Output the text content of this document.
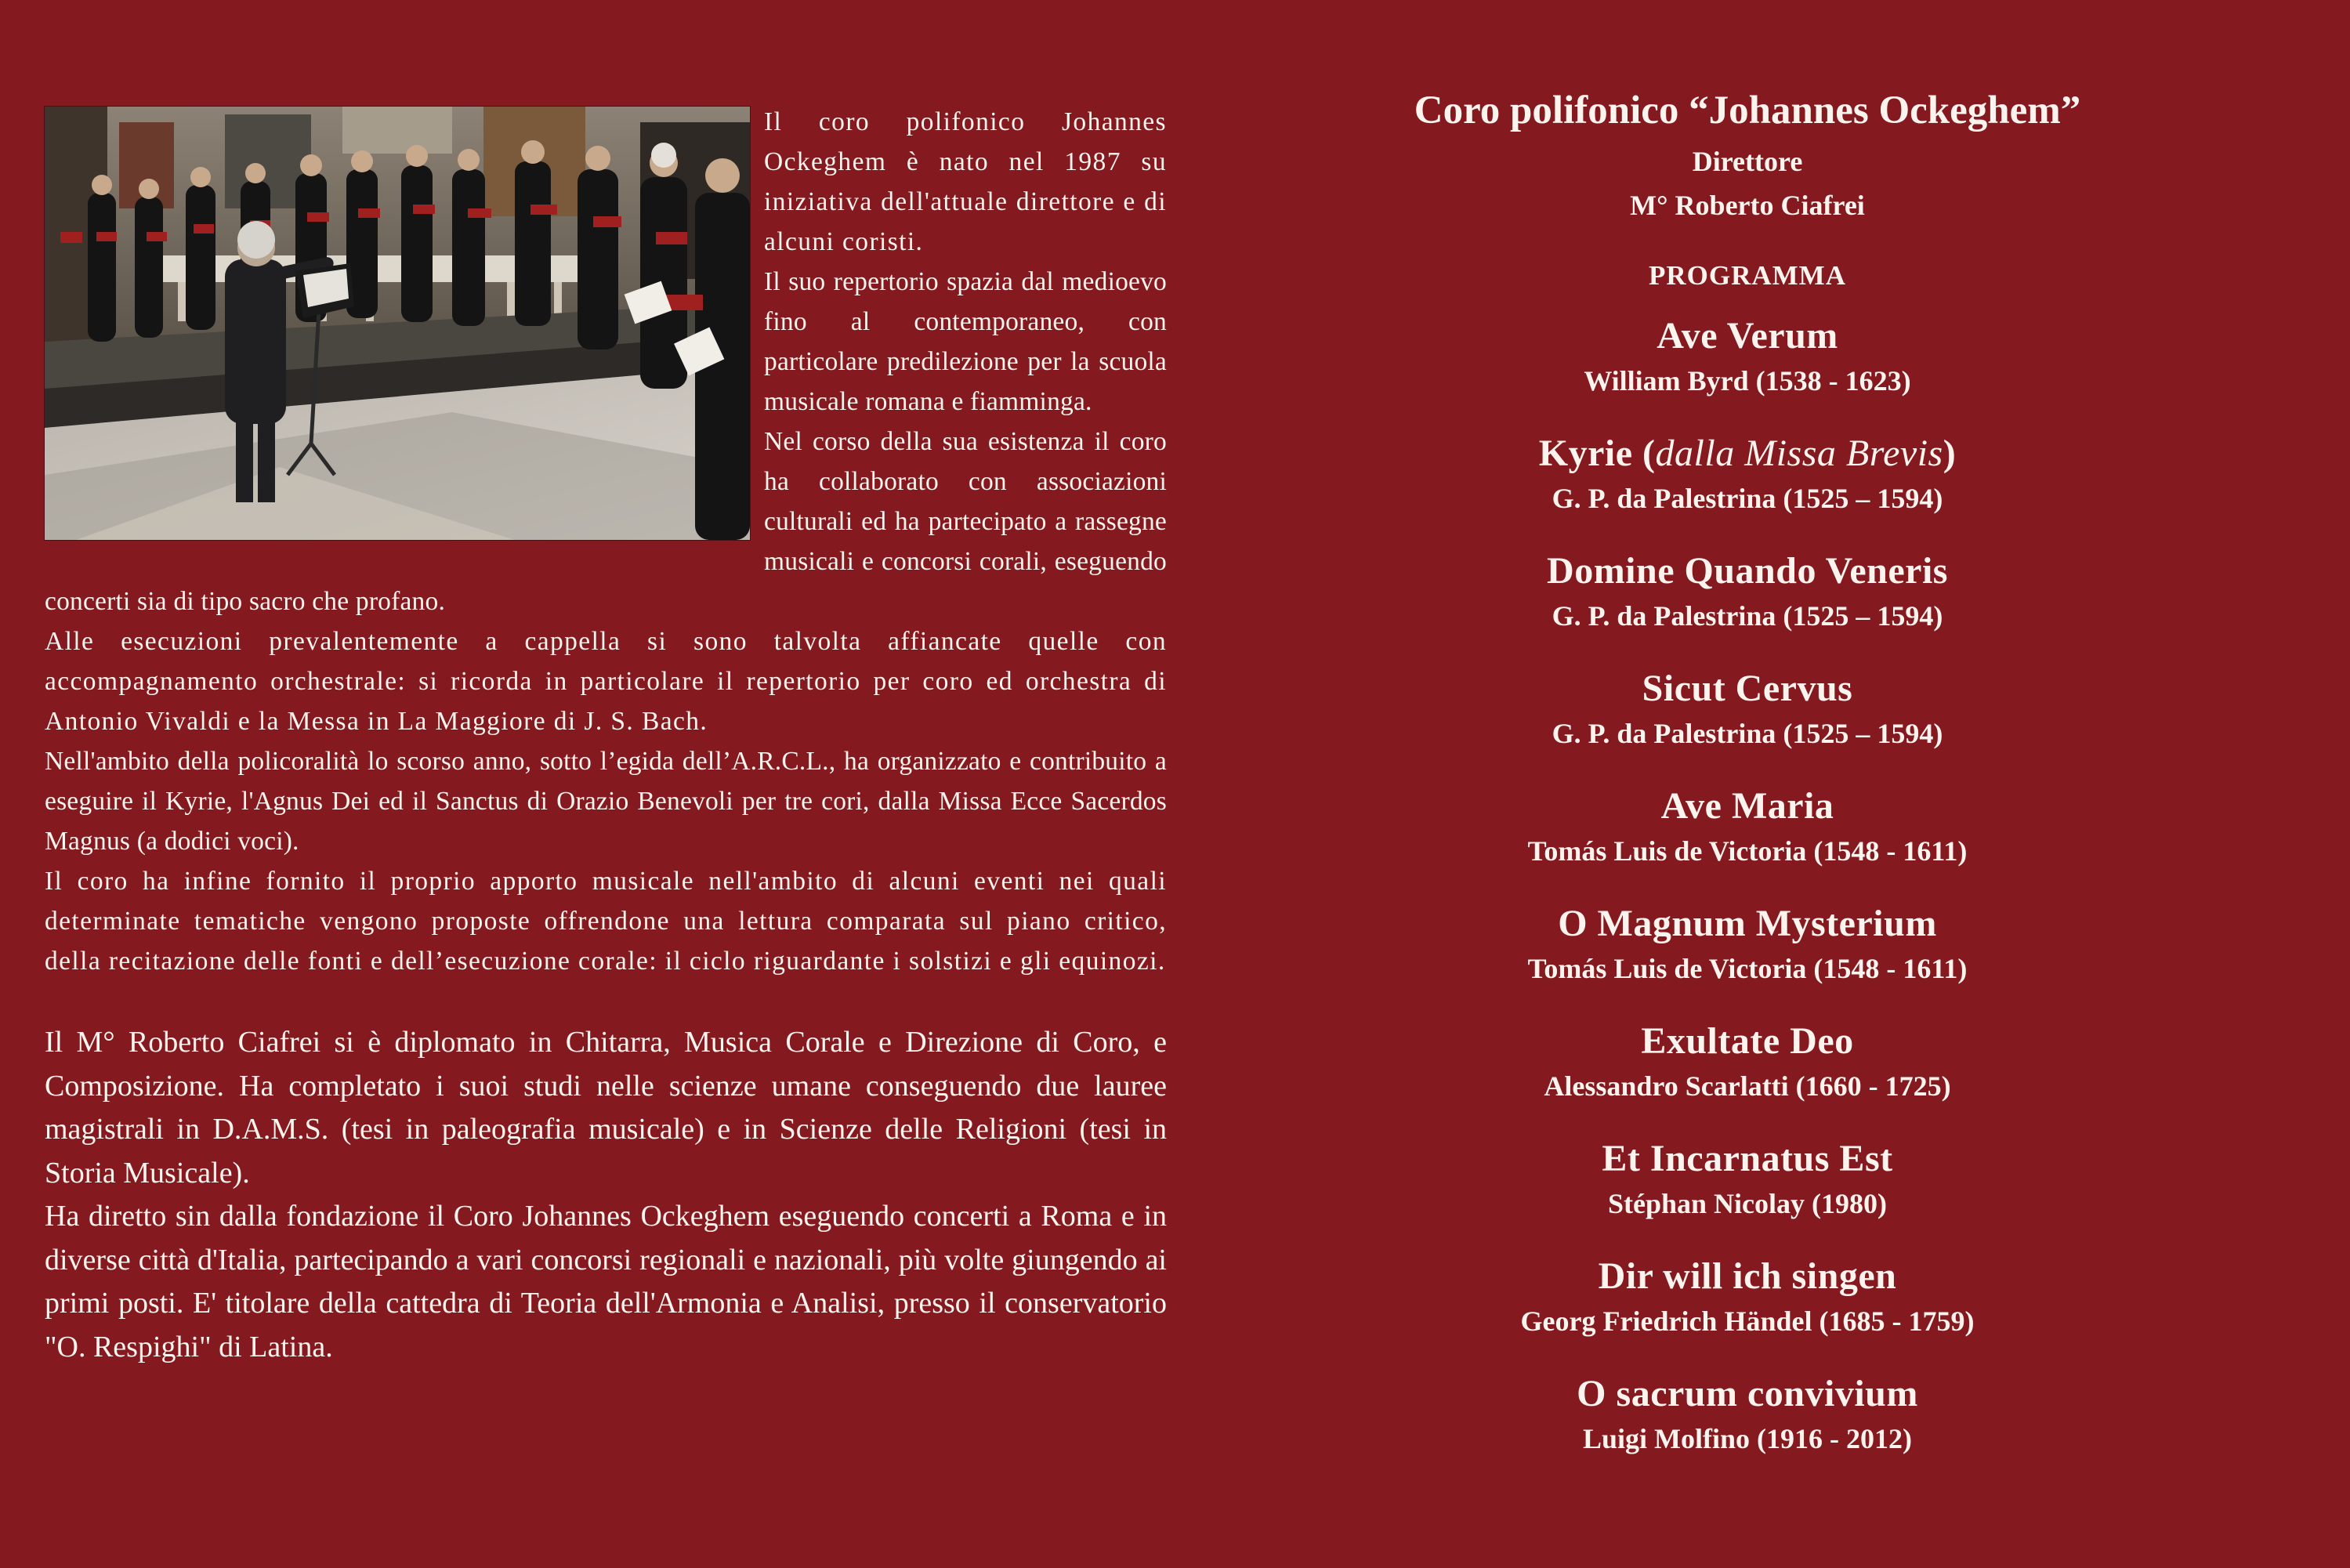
Il coro polifonico Johannes Ockeghem è nato nel 1987 su iniziativa dell'attuale direttore e di alcuni coristi.

Il suo repertorio spazia dal medioevo fino al contemporaneo, con particolare predilezione per la scuola musicale romana e fiamminga.

Nel corso della sua esistenza il coro ha collaborato con associazioni culturali ed ha partecipato a rassegne musicali e concorsi corali, eseguendo concerti sia di tipo sacro che profano.

Alle esecuzioni prevalentemente a cappella si sono talvolta affiancate quelle con accompagnamento orchestrale: si ricorda in particolare il repertorio per coro ed orchestra di Antonio Vivaldi e la Messa in La Maggiore di J. S. Bach.

Nell'ambito della policoralità lo scorso anno, sotto l’egida dell’A.R.C.L., ha organizzato e contribuito a eseguire il Kyrie, l'Agnus Dei ed il Sanctus di Orazio Benevoli per tre cori, dalla Missa Ecce Sacerdos Magnus (a dodici voci).

Il coro ha infine fornito il proprio apporto musicale nell'ambito di alcuni eventi nei quali determinate tematiche vengono proposte offrendone una lettura comparata sul piano critico, della recitazione delle fonti e dell’esecuzione corale: il ciclo riguardante i solstizi e gli equinozi.

Il M° Roberto Ciafrei si è diplomato in Chitarra, Musica Corale e Direzione di Coro, e Composizione. Ha completato i suoi studi nelle scienze umane conseguendo due lauree magistrali in D.A.M.S. (tesi in paleografia musicale) e in Scienze delle Religioni (tesi in Storia Musicale).

Ha diretto sin dalla fondazione il Coro Johannes Ockeghem eseguendo concerti a Roma e in diverse città d'Italia, partecipando a vari concorsi regionali e nazionali, più volte giungendo ai primi posti. E' titolare della cattedra di Teoria dell'Armonia e Analisi, presso il conservatorio "O. Respighi" di Latina.

Coro polifonico “Johannes Ockeghem”

Direttore

M° Roberto Ciafrei

PROGRAMMA

Ave Verum
William Byrd (1538 - 1623)
Kyrie (dalla Missa Brevis)
G. P. da Palestrina (1525 – 1594)
Domine Quando Veneris
G. P. da Palestrina (1525 – 1594)
Sicut Cervus
G. P. da Palestrina (1525 – 1594)
Ave Maria
Tomás Luis de Victoria (1548 - 1611)
O Magnum Mysterium
Tomás Luis de Victoria (1548 - 1611)
Exultate Deo
Alessandro Scarlatti (1660 - 1725)
Et Incarnatus Est
Stéphan Nicolay (1980)
Dir will ich singen
Georg Friedrich Händel (1685 - 1759)
O sacrum convivium
Luigi Molfino (1916 - 2012)
